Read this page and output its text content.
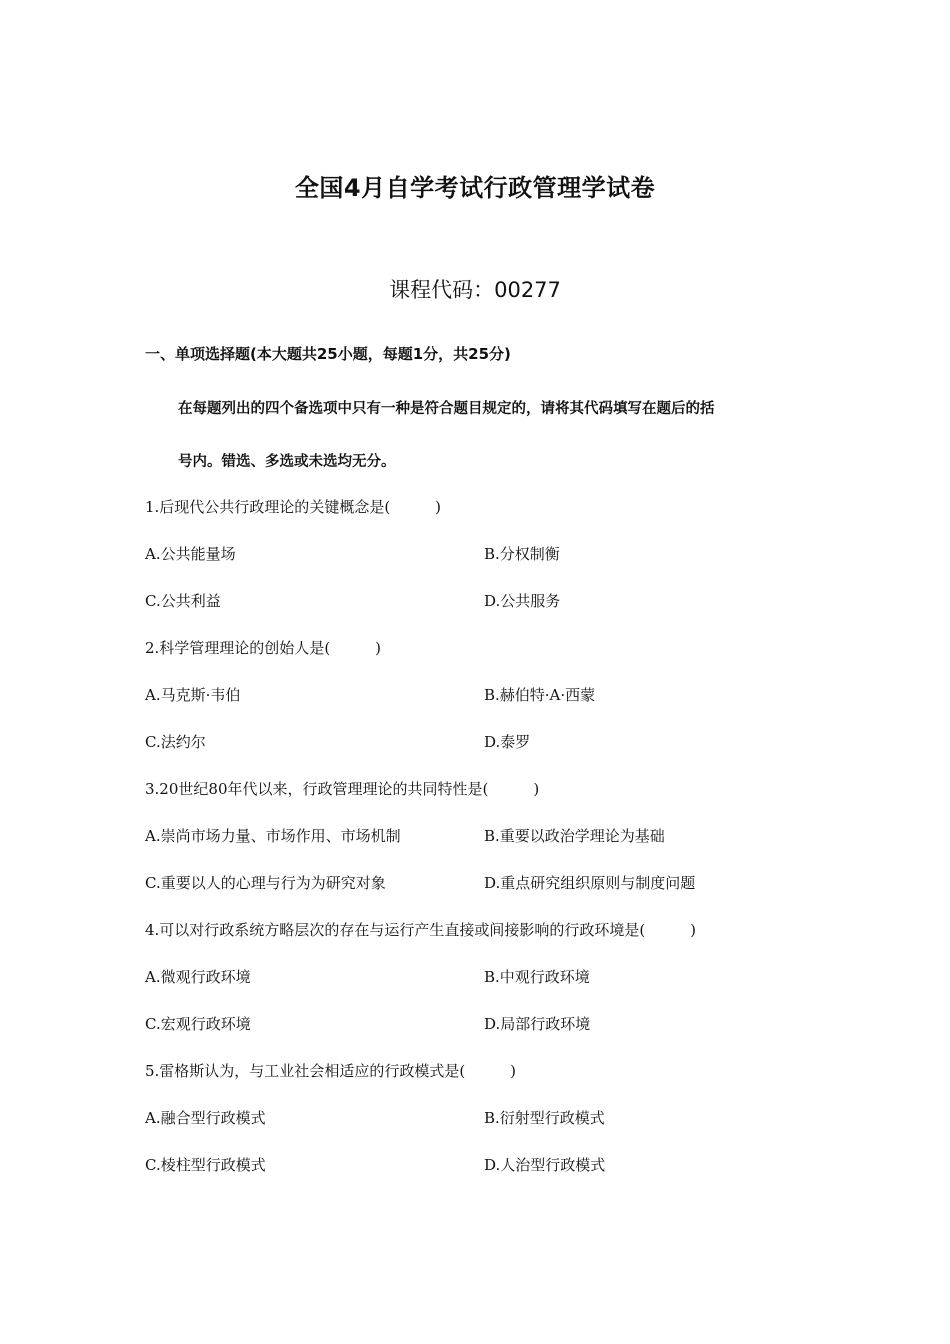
全国4月自学考试行政管理学试卷
课程代码：00277
一、单项选择题(本大题共25小题，每题1分，共25分)
在每题列出的四个备选项中只有一种是符合题目规定的，请将其代码填写在题后的括
号内。错选、多选或未选均无分。
1.后现代公共行政理论的关键概念是(　　　)
A.公共能量场	B.分权制衡
C.公共利益	D.公共服务
2.科学管理理论的创始人是(　　　)
A.马克斯·韦伯	B.赫伯特·A·西蒙
C.法约尔	D.泰罗
3.20世纪80年代以来，行政管理理论的共同特性是(　　　)
A.崇尚市场力量、市场作用、市场机制	B.重要以政治学理论为基础
C.重要以人的心理与行为为研究对象	D.重点研究组织原则与制度问题
4.可以对行政系统方略层次的存在与运行产生直接或间接影响的行政环境是(　　　)
A.微观行政环境	B.中观行政环境
C.宏观行政环境	D.局部行政环境
5.雷格斯认为，与工业社会相适应的行政模式是(　　　)
A.融合型行政模式	B.衍射型行政模式
C.棱柱型行政模式	D.人治型行政模式
